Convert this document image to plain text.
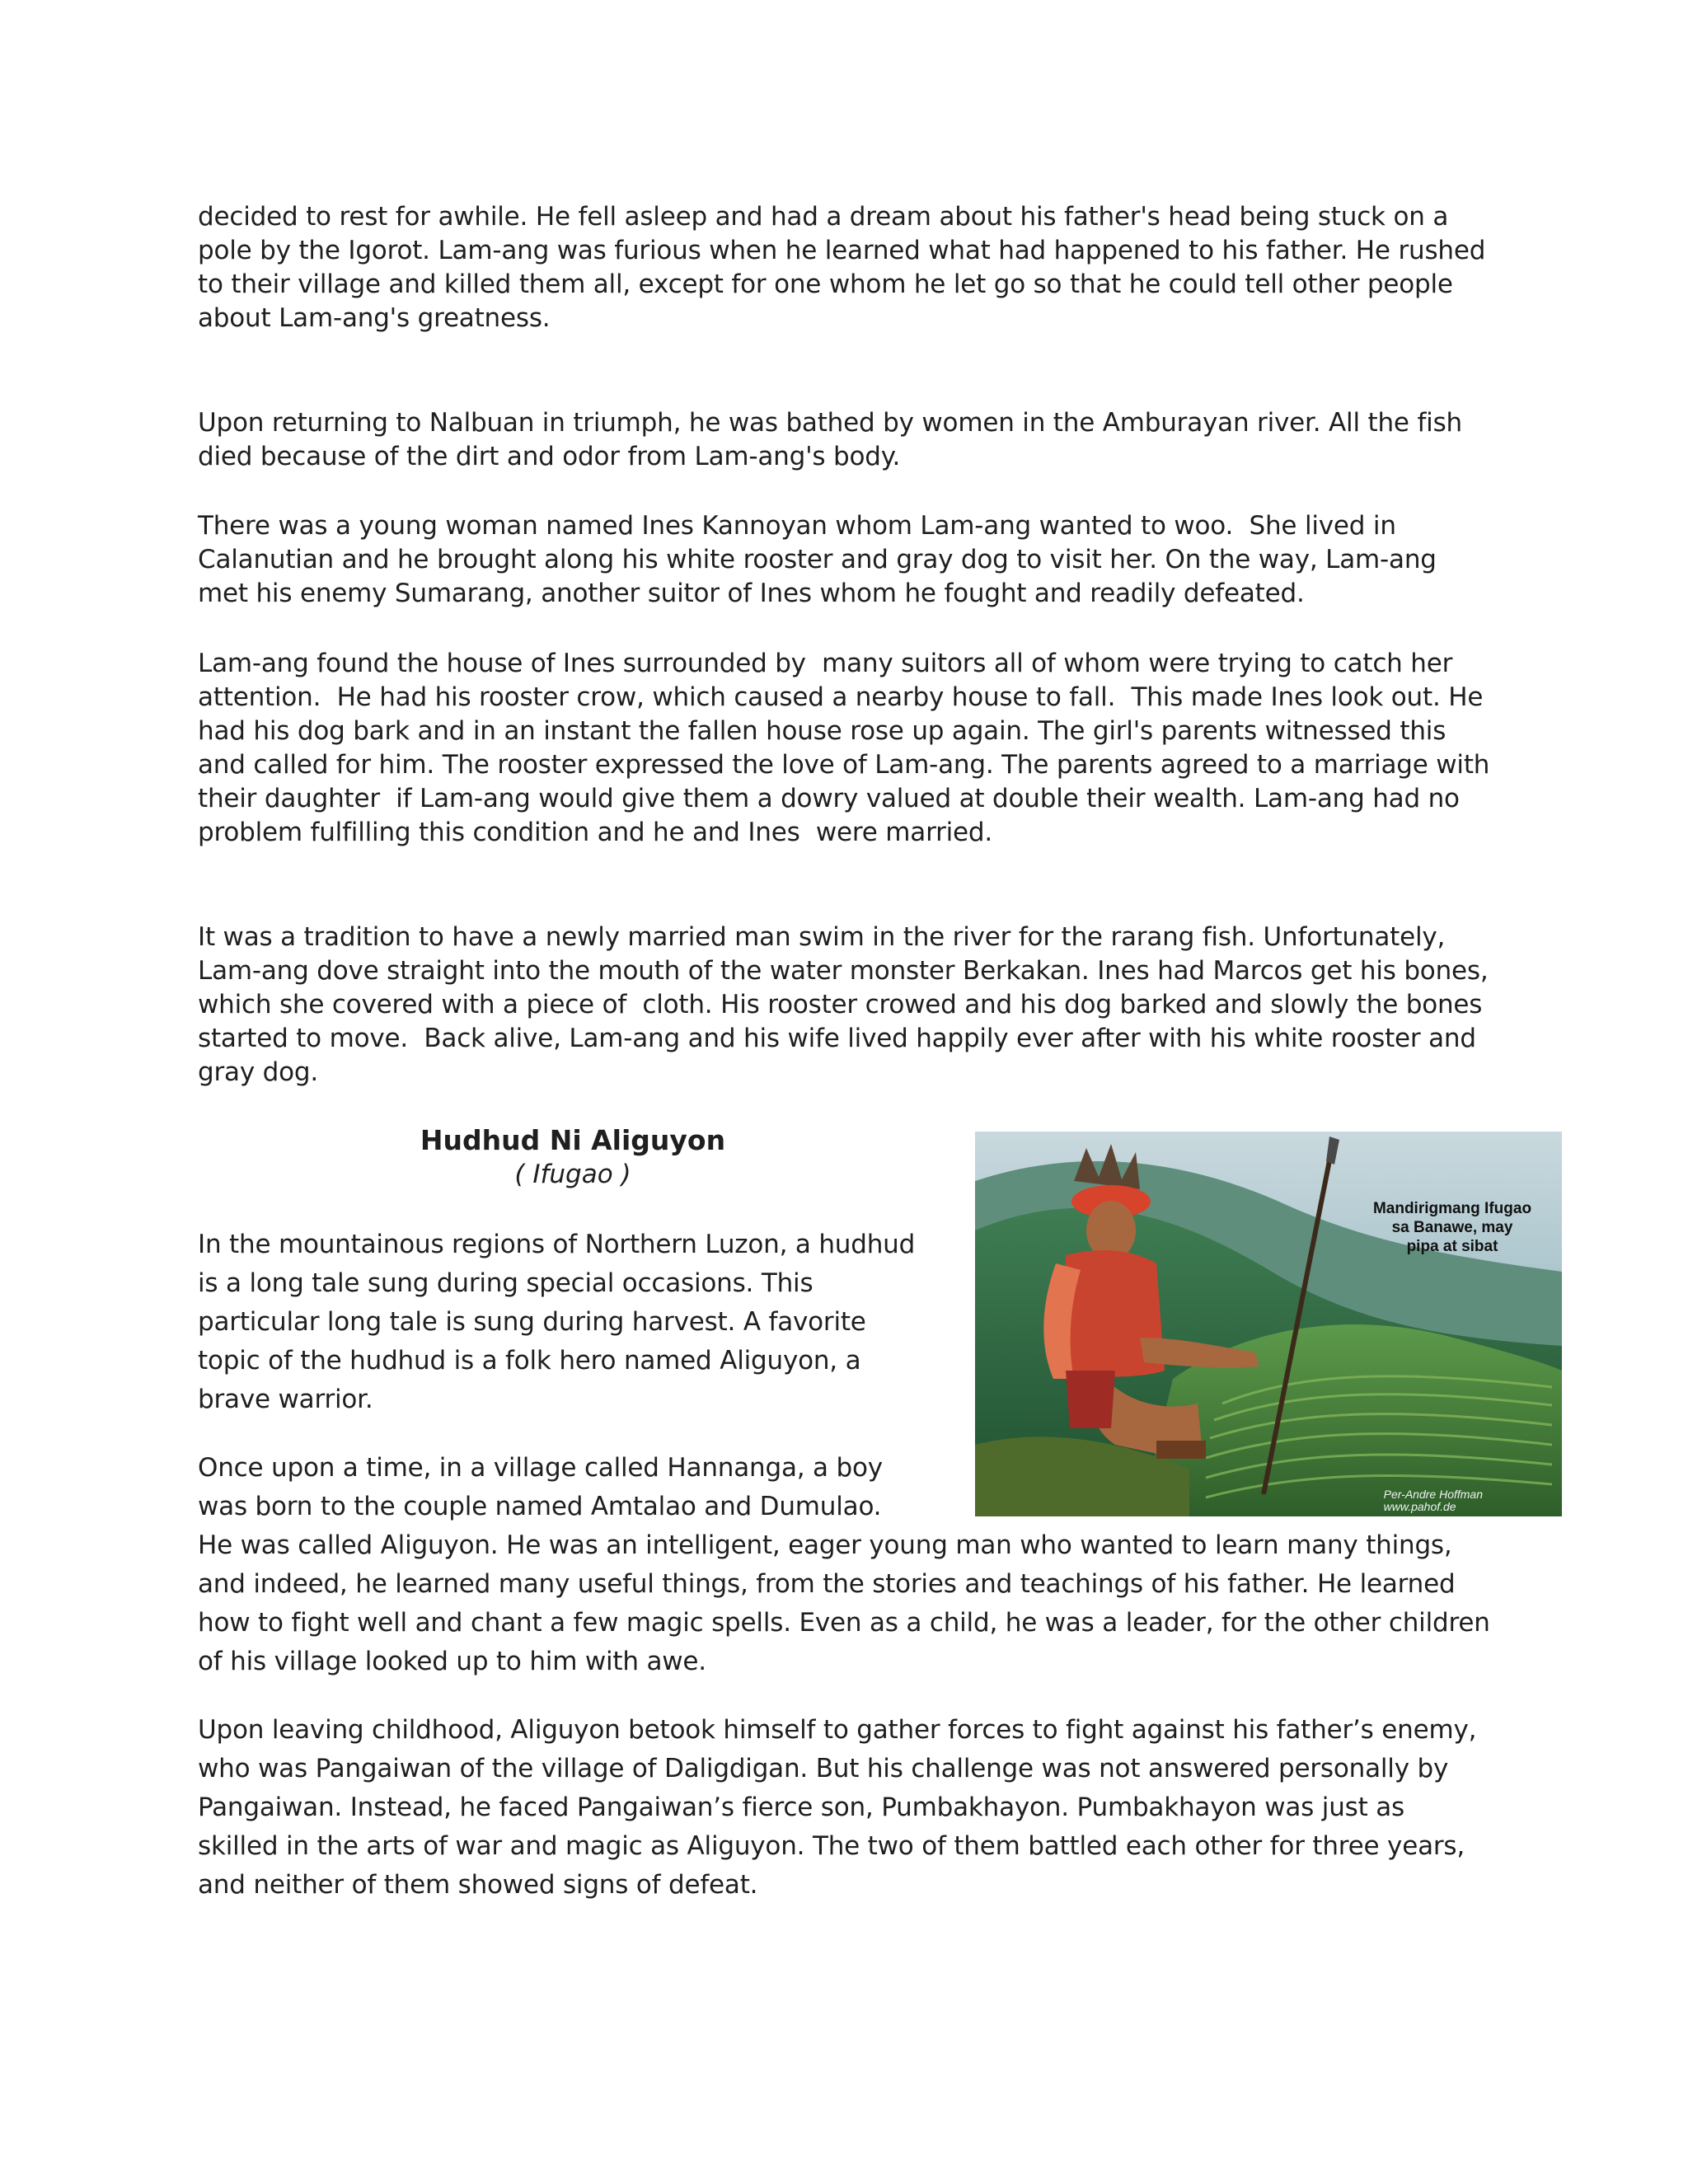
decided to rest for awhile. He fell asleep and had a dream about his father's head being stuck on a pole by the Igorot. Lam-ang was furious when he learned what had happened to his father. He rushed to their village and killed them all, except for one whom he let go so that he could tell other people about Lam-ang's greatness.

Upon returning to Nalbuan in triumph, he was bathed by women in the Amburayan river. All the fish died because of the dirt and odor from Lam-ang's body.

There was a young woman named Ines Kannoyan whom Lam-ang wanted to woo.  She lived in Calanutian and he brought along his white rooster and gray dog to visit her. On the way, Lam-ang met his enemy Sumarang, another suitor of Ines whom he fought and readily defeated.

Lam-ang found the house of Ines surrounded by  many suitors all of whom were trying to catch her attention.  He had his rooster crow, which caused a nearby house to fall.  This made Ines look out. He had his dog bark and in an instant the fallen house rose up again. The girl's parents witnessed this and called for him. The rooster expressed the love of Lam-ang. The parents agreed to a marriage with their daughter  if Lam-ang would give them a dowry valued at double their wealth. Lam-ang had no problem fulfilling this condition and he and Ines  were married.

It was a tradition to have a newly married man swim in the river for the rarang fish. Unfortunately, Lam-ang dove straight into the mouth of the water monster Berkakan. Ines had Marcos get his bones, which she covered with a piece of  cloth. His rooster crowed and his dog barked and slowly the bones started to move.  Back alive, Lam-ang and his wife lived happily ever after with his white rooster and gray dog.

Hudhud Ni Aliguyon
( Ifugao )

In the mountainous regions of Northern Luzon, a hudhud is a long tale sung during special occasions. This particular long tale is sung during harvest. A favorite topic of the hudhud is a folk hero named Aliguyon, a brave warrior.

Once upon a time, in a village called Hannanga, a boy was born to the couple named Amtalao and Dumulao.

He was called Aliguyon. He was an intelligent, eager young man who wanted to learn many things, and indeed, he learned many useful things, from the stories and teachings of his father. He learned how to fight well and chant a few magic spells. Even as a child, he was a leader, for the other children of his village looked up to him with awe.

Upon leaving childhood, Aliguyon betook himself to gather forces to fight against his father’s enemy, who was Pangaiwan of the village of Daligdigan. But his challenge was not answered personally by Pangaiwan. Instead, he faced Pangaiwan’s fierce son, Pumbakhayon. Pumbakhayon was just as skilled in the arts of war and magic as Aliguyon. The two of them battled each other for three years, and neither of them showed signs of defeat.

Mandirigmang Ifugao
sa Banawe, may
pipa at sibat
Per-Andre Hoffman
www.pahof.de
